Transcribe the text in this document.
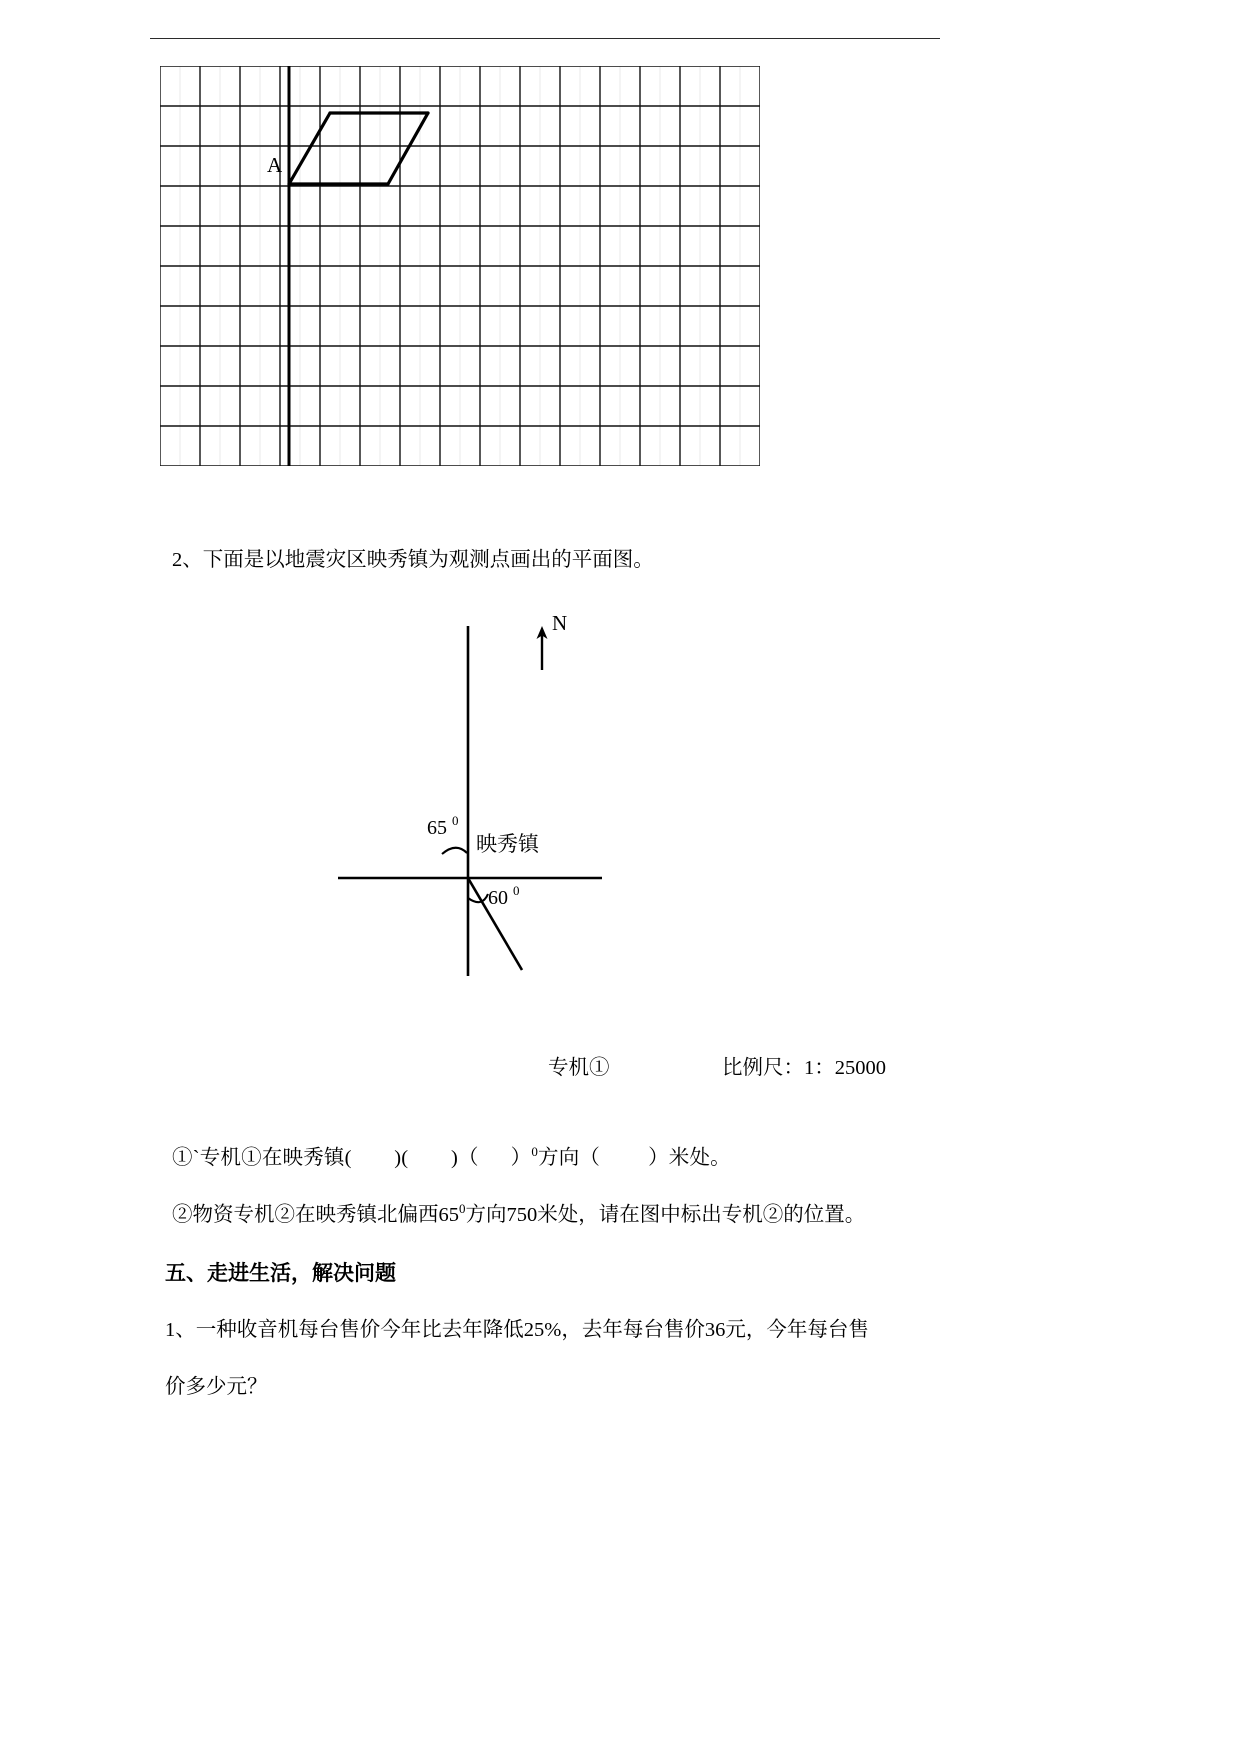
A
2、下面是以地震灾区映秀镇为观测点画出的平面图。
N
65 0
60 0
映秀镇
专机①	比例尺：1：25000
①`专机①在映秀镇( )( )（ ）$^0$方向（ ）米处。
②物资专机②在映秀镇北偏西$65^0$方向750米处，请在图中标出专机②的位置。
五、走进生活，解决问题
1、一种收音机每台售价今年比去年降低25%，去年每台售价36元，今年每台售
价多少元？
